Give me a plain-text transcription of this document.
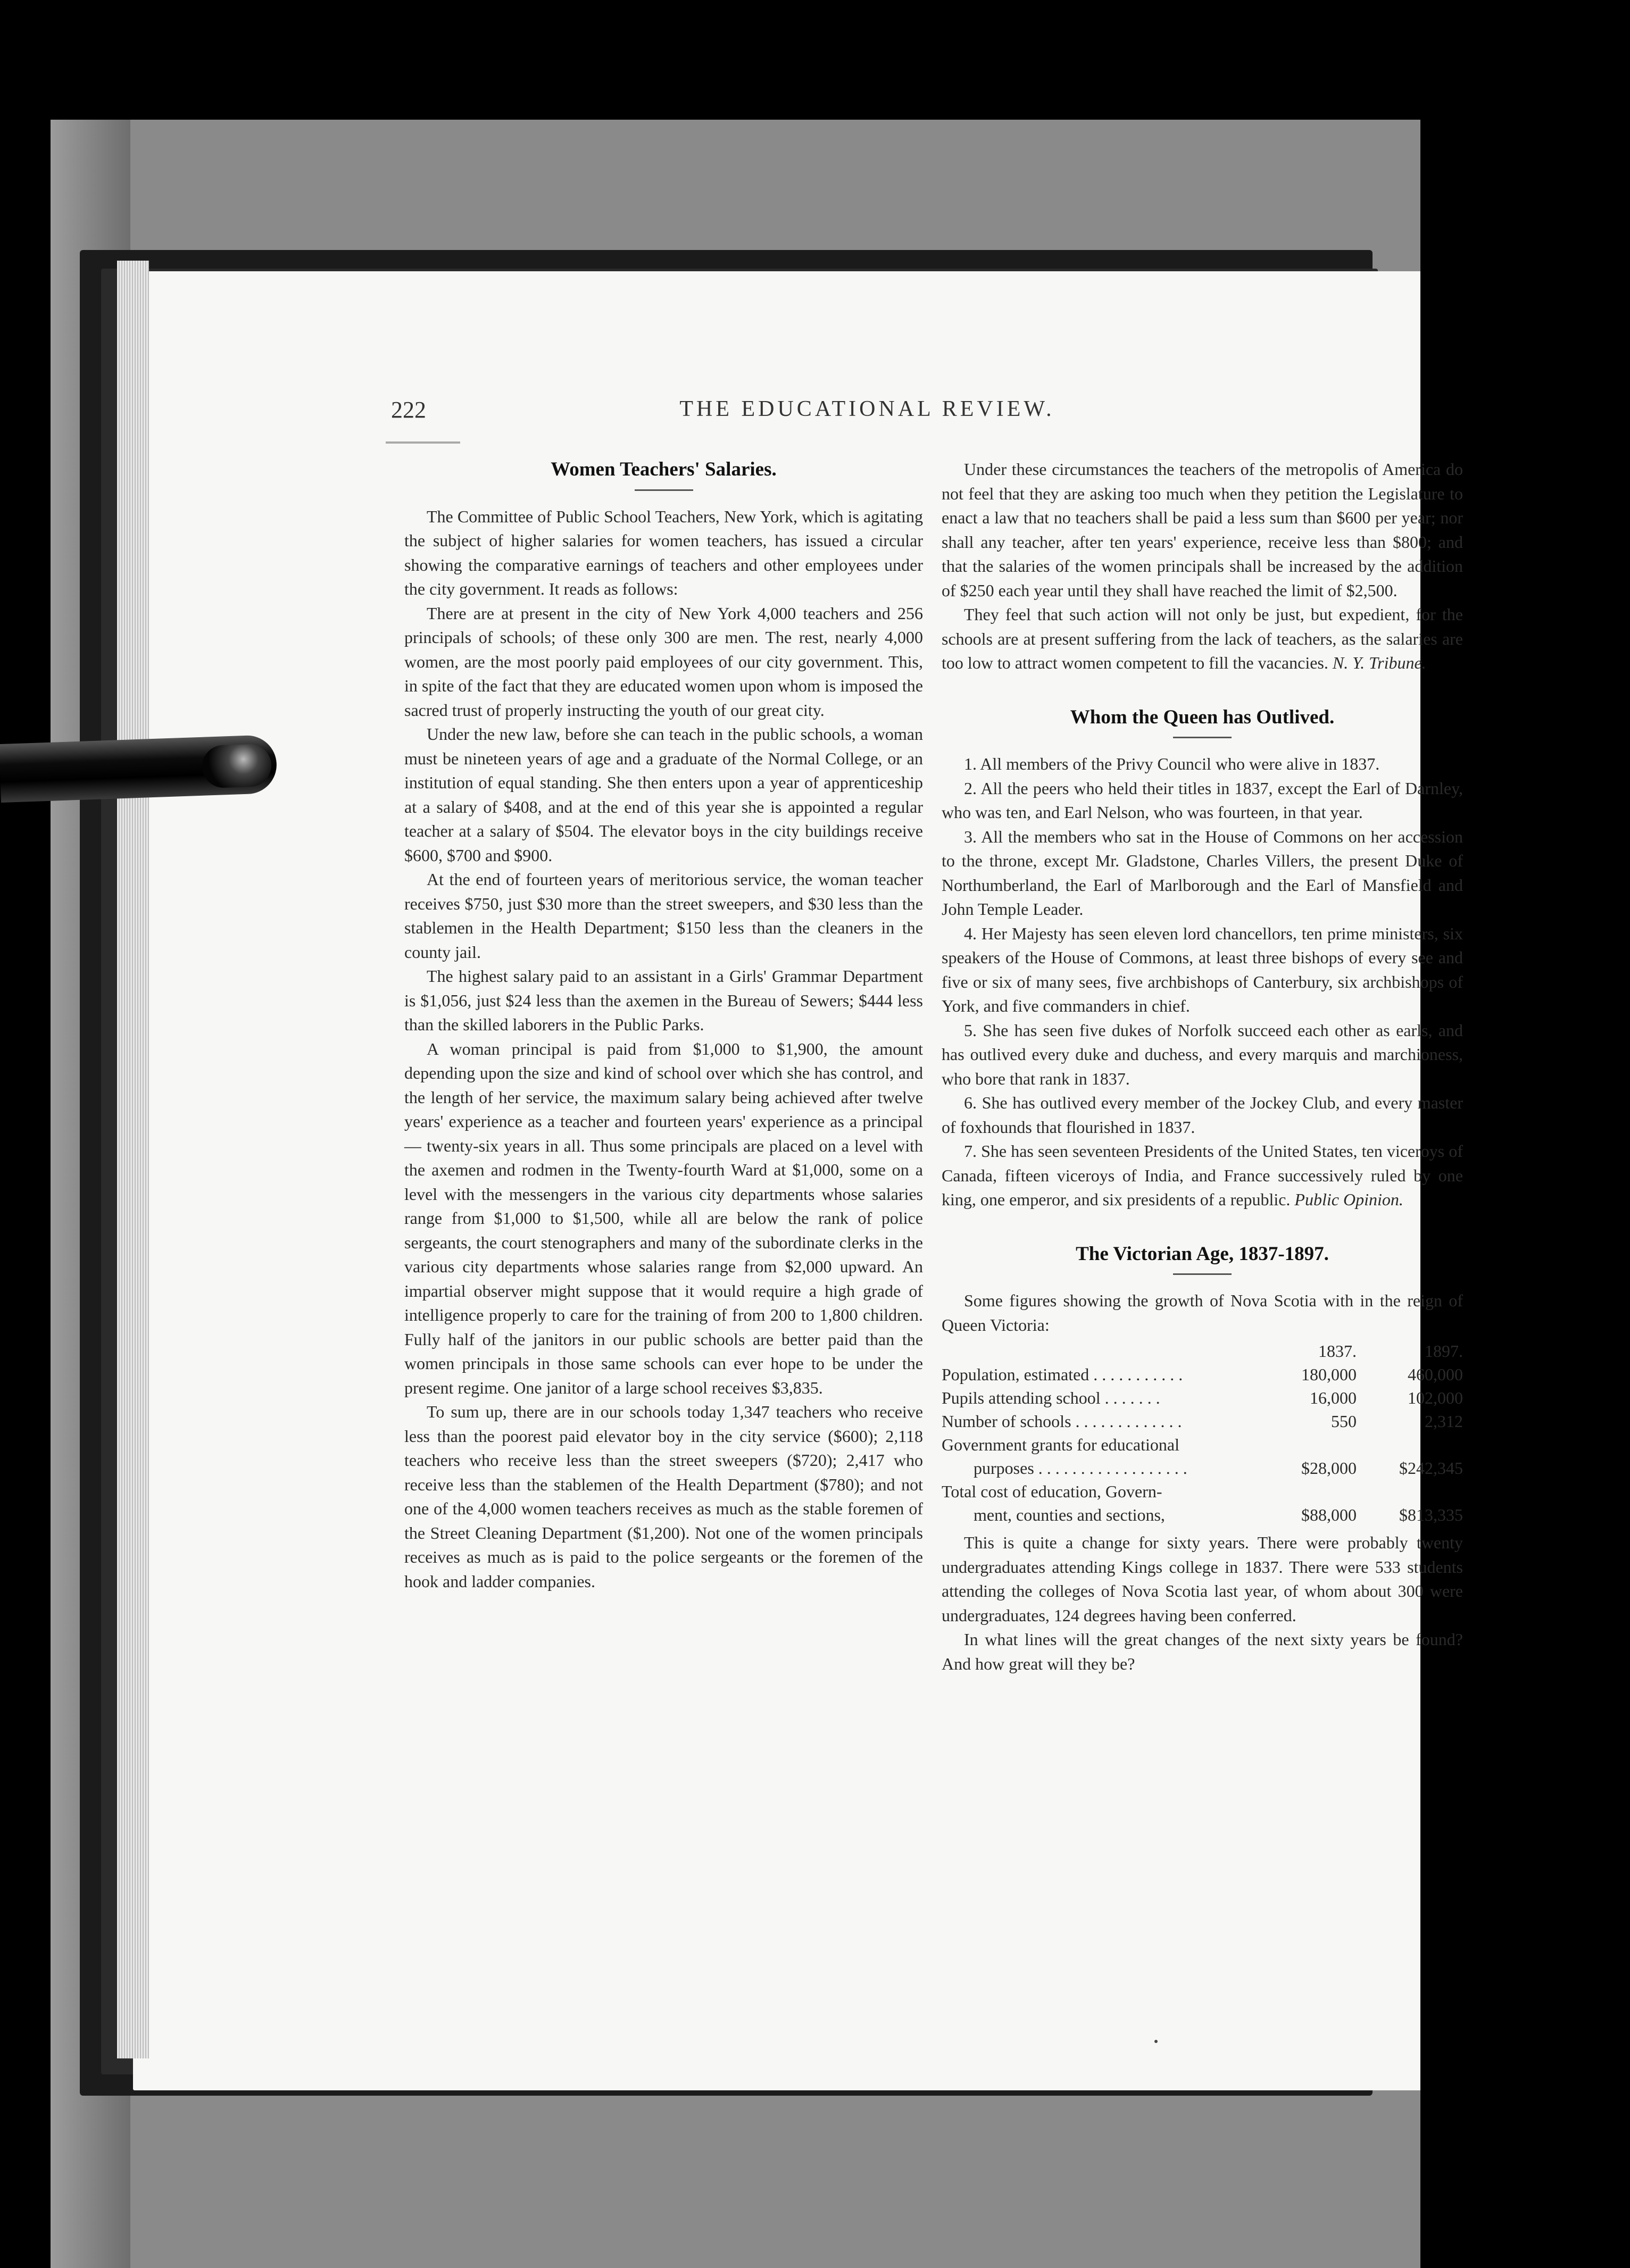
222	THE EDUCATIONAL REVIEW.
Women Teachers' Salaries.

The Committee of Public School Teachers, New York, which is agitating the subject of higher salaries for women teachers, has issued a circular showing the comparative earnings of teachers and other employees under the city government. It reads as follows:

There are at present in the city of New York 4,000 teachers and 256 principals of schools; of these only 300 are men. The rest, nearly 4,000 women, are the most poorly paid employees of our city government. This, in spite of the fact that they are educated women upon whom is imposed the sacred trust of properly instructing the youth of our great city.

Under the new law, before she can teach in the public schools, a woman must be nineteen years of age and a graduate of the Normal College, or an institution of equal standing. She then enters upon a year of apprenticeship at a salary of $408, and at the end of this year she is appointed a regular teacher at a salary of $504. The elevator boys in the city buildings receive $600, $700 and $900.

At the end of fourteen years of meritorious service, the woman teacher receives $750, just $30 more than the street sweepers, and $30 less than the stablemen in the Health Department; $150 less than the cleaners in the county jail.

The highest salary paid to an assistant in a Girls' Grammar Department is $1,056, just $24 less than the axemen in the Bureau of Sewers; $444 less than the skilled laborers in the Public Parks.

A woman principal is paid from $1,000 to $1,900, the amount depending upon the size and kind of school over which she has control, and the length of her service, the maximum salary being achieved after twelve years' experience as a teacher and fourteen years' experience as a principal — twenty-six years in all. Thus some principals are placed on a level with the axemen and rodmen in the Twenty-fourth Ward at $1,000, some on a level with the messengers in the various city departments whose salaries range from $1,000 to $1,500, while all are below the rank of police sergeants, the court stenographers and many of the subordinate clerks in the various city departments whose salaries range from $2,000 upward. An impartial observer might suppose that it would require a high grade of intelligence properly to care for the training of from 200 to 1,800 children. Fully half of the janitors in our public schools are better paid than the women principals in those same schools can ever hope to be under the present regime. One janitor of a large school receives $3,835.

To sum up, there are in our schools today 1,347 teachers who receive less than the poorest paid elevator boy in the city service ($600); 2,118 teachers who receive less than the street sweepers ($720); 2,417 who receive less than the stablemen of the Health Department ($780); and not one of the 4,000 women teachers receives as much as the stable foremen of the Street Cleaning Department ($1,200). Not one of the women principals receives as much as is paid to the police sergeants or the foremen of the hook and ladder companies.

Under these circumstances the teachers of the metropolis of America do not feel that they are asking too much when they petition the Legislature to enact a law that no teachers shall be paid a less sum than $600 per year; nor shall any teacher, after ten years' experience, receive less than $800; and that the salaries of the women principals shall be increased by the addition of $250 each year until they shall have reached the limit of $2,500.

They feel that such action will not only be just, but expedient, for the schools are at present suffering from the lack of teachers, as the salaries are too low to attract women competent to fill the vacancies. N. Y. Tribune.

Whom the Queen has Outlived.

1. All members of the Privy Council who were alive in 1837.

2. All the peers who held their titles in 1837, except the Earl of Darnley, who was ten, and Earl Nelson, who was fourteen, in that year.

3. All the members who sat in the House of Commons on her accession to the throne, except Mr. Gladstone, Charles Villers, the present Duke of Northumberland, the Earl of Marlborough and the Earl of Mansfield and John Temple Leader.

4. Her Majesty has seen eleven lord chancellors, ten prime ministers, six speakers of the House of Commons, at least three bishops of every see and five or six of many sees, five archbishops of Canterbury, six archbishops of York, and five commanders in chief.

5. She has seen five dukes of Norfolk succeed each other as earls, and has outlived every duke and duchess, and every marquis and marchioness, who bore that rank in 1837.

6. She has outlived every member of the Jockey Club, and every master of foxhounds that flourished in 1837.

7. She has seen seventeen Presidents of the United States, ten viceroys of Canada, fifteen viceroys of India, and France successively ruled by one king, one emperor, and six presidents of a republic. Public Opinion.

The Victorian Age, 1837-1897.

Some figures showing the growth of Nova Scotia with in the reign of Queen Victoria:

	1837.	1897.
Population, estimated . . . . . . . . . . .	180,000	460,000
Pupils attending school . . . . . . .	16,000	102,000
Number of schools . . . . . . . . . . . . .	550	2,312
Government grants for educational		
purposes . . . . . . . . . . . . . . . . . .	$28,000	$242,345
Total cost of education, Govern-		
ment, counties and sections,	$88,000	$813,335

This is quite a change for sixty years. There were probably twenty undergraduates attending Kings college in 1837. There were 533 students attending the colleges of Nova Scotia last year, of whom about 300 were undergraduates, 124 degrees having been conferred.

In what lines will the great changes of the next sixty years be found? And how great will they be?
